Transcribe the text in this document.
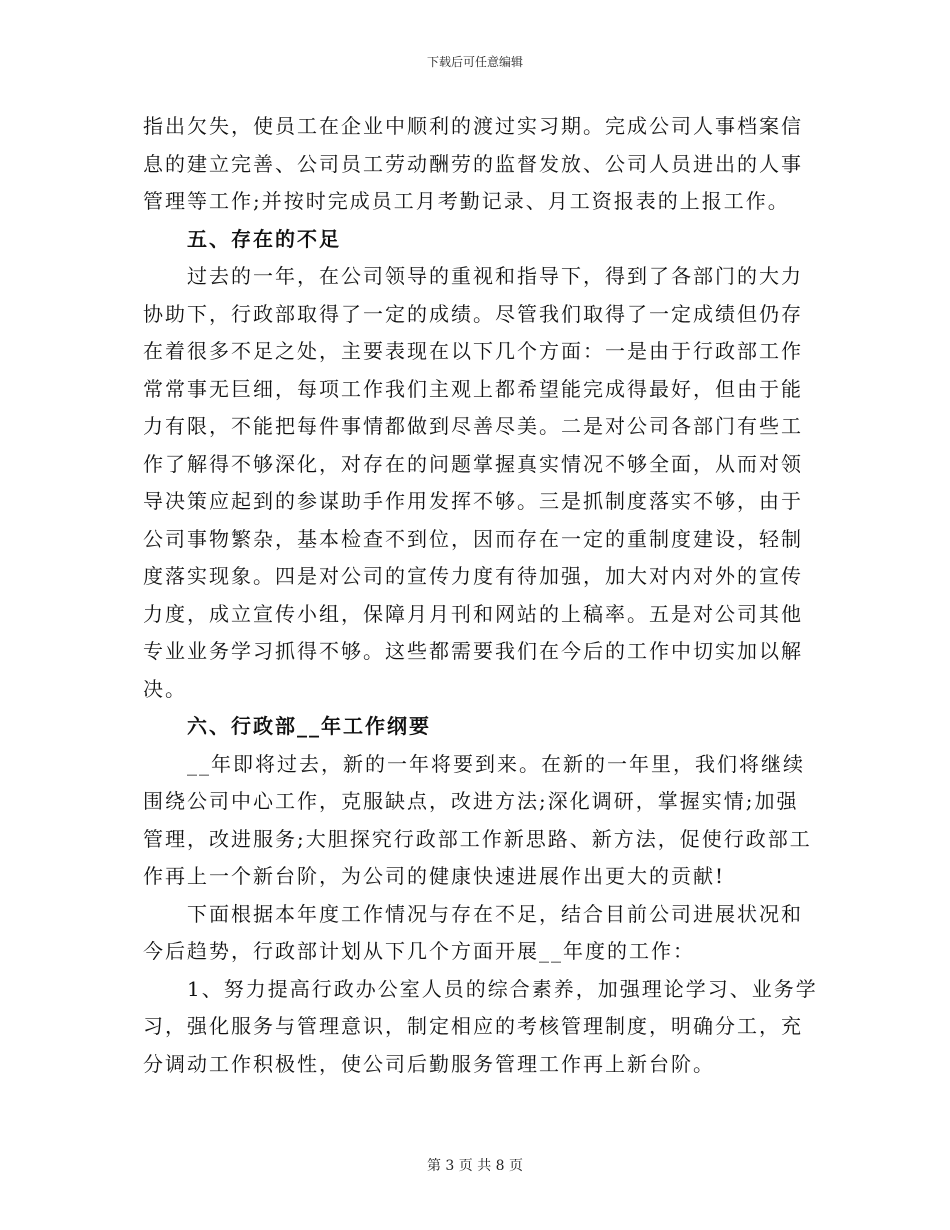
下载后可任意编辑
指出欠失，使员工在企业中顺利的渡过实习期。完成公司人事档案信
息的建立完善、公司员工劳动酬劳的监督发放、公司人员进出的人事
管理等工作;并按时完成员工月考勤记录、月工资报表的上报工作。
五、存在的不足
过去的一年，在公司领导的重视和指导下，得到了各部门的大力
协助下，行政部取得了一定的成绩。尽管我们取得了一定成绩但仍存
在着很多不足之处，主要表现在以下几个方面：一是由于行政部工作
常常事无巨细，每项工作我们主观上都希望能完成得最好，但由于能
力有限，不能把每件事情都做到尽善尽美。二是对公司各部门有些工
作了解得不够深化，对存在的问题掌握真实情况不够全面，从而对领
导决策应起到的参谋助手作用发挥不够。三是抓制度落实不够，由于
公司事物繁杂，基本检查不到位，因而存在一定的重制度建设，轻制
度落实现象。四是对公司的宣传力度有待加强，加大对内对外的宣传
力度，成立宣传小组，保障月月刊和网站的上稿率。五是对公司其他
专业业务学习抓得不够。这些都需要我们在今后的工作中切实加以解
决。
六、行政部__年工作纲要
__年即将过去，新的一年将要到来。在新的一年里，我们将继续
围绕公司中心工作，克服缺点，改进方法;深化调研，掌握实情;加强
管理，改进服务;大胆探究行政部工作新思路、新方法，促使行政部工
作再上一个新台阶，为公司的健康快速进展作出更大的贡献!
下面根据本年度工作情况与存在不足，结合目前公司进展状况和
今后趋势，行政部计划从下几个方面开展__年度的工作：
1、努力提高行政办公室人员的综合素养，加强理论学习、业务学
习，强化服务与管理意识，制定相应的考核管理制度，明确分工，充
分调动工作积极性，使公司后勤服务管理工作再上新台阶。
第 3 页 共 8 页
